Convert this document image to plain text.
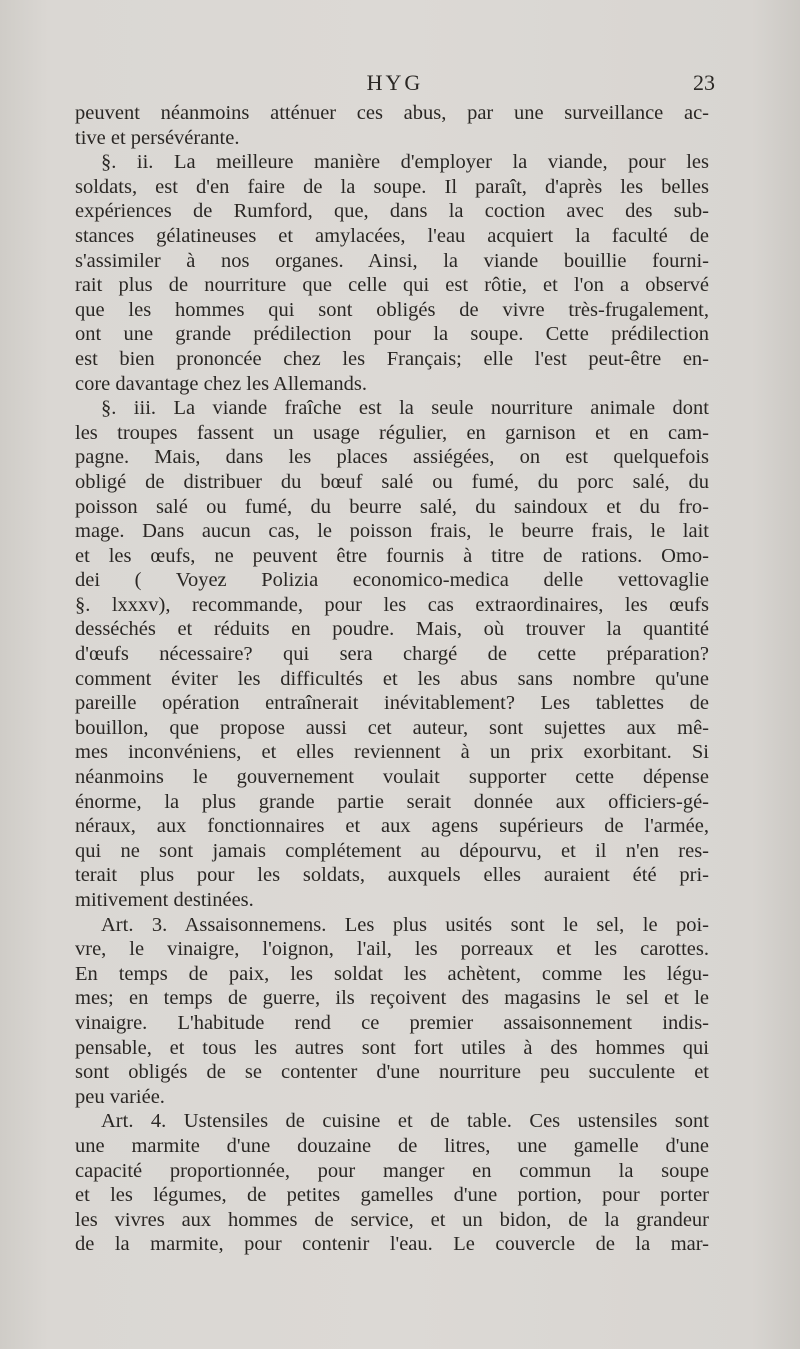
HYG	23
peuvent néanmoins atténuer ces abus, par une surveillance ac-
tive et persévérante.
§. ii. La meilleure manière d'employer la viande, pour les
soldats, est d'en faire de la soupe. Il paraît, d'après les belles
expériences de Rumford, que, dans la coction avec des sub-
stances gélatineuses et amylacées, l'eau acquiert la faculté de
s'assimiler à nos organes. Ainsi, la viande bouillie fourni-
rait plus de nourriture que celle qui est rôtie, et l'on a observé
que les hommes qui sont obligés de vivre très-frugalement,
ont une grande prédilection pour la soupe. Cette prédilection
est bien prononcée chez les Français; elle l'est peut-être en-
core davantage chez les Allemands.
§. iii. La viande fraîche est la seule nourriture animale dont
les troupes fassent un usage régulier, en garnison et en cam-
pagne. Mais, dans les places assiégées, on est quelquefois
obligé de distribuer du bœuf salé ou fumé, du porc salé, du
poisson salé ou fumé, du beurre salé, du saindoux et du fro-
mage. Dans aucun cas, le poisson frais, le beurre frais, le lait
et les œufs, ne peuvent être fournis à titre de rations. Omo-
dei ( Voyez Polizia economico-medica delle vettovaglie
§. lxxxv), recommande, pour les cas extraordinaires, les œufs
desséchés et réduits en poudre. Mais, où trouver la quantité
d'œufs nécessaire? qui sera chargé de cette préparation?
comment éviter les difficultés et les abus sans nombre qu'une
pareille opération entraînerait inévitablement? Les tablettes de
bouillon, que propose aussi cet auteur, sont sujettes aux mê-
mes inconvéniens, et elles reviennent à un prix exorbitant. Si
néanmoins le gouvernement voulait supporter cette dépense
énorme, la plus grande partie serait donnée aux officiers-gé-
néraux, aux fonctionnaires et aux agens supérieurs de l'armée,
qui ne sont jamais complétement au dépourvu, et il n'en res-
terait plus pour les soldats, auxquels elles auraient été pri-
mitivement destinées.
Art. 3. Assaisonnemens. Les plus usités sont le sel, le poi-
vre, le vinaigre, l'oignon, l'ail, les porreaux et les carottes.
En temps de paix, les soldat les achètent, comme les légu-
mes; en temps de guerre, ils reçoivent des magasins le sel et le
vinaigre. L'habitude rend ce premier assaisonnement indis-
pensable, et tous les autres sont fort utiles à des hommes qui
sont obligés de se contenter d'une nourriture peu succulente et
peu variée.
Art. 4. Ustensiles de cuisine et de table. Ces ustensiles sont
une marmite d'une douzaine de litres, une gamelle d'une
capacité proportionnée, pour manger en commun la soupe
et les légumes, de petites gamelles d'une portion, pour porter
les vivres aux hommes de service, et un bidon, de la grandeur
de la marmite, pour contenir l'eau. Le couvercle de la mar-
